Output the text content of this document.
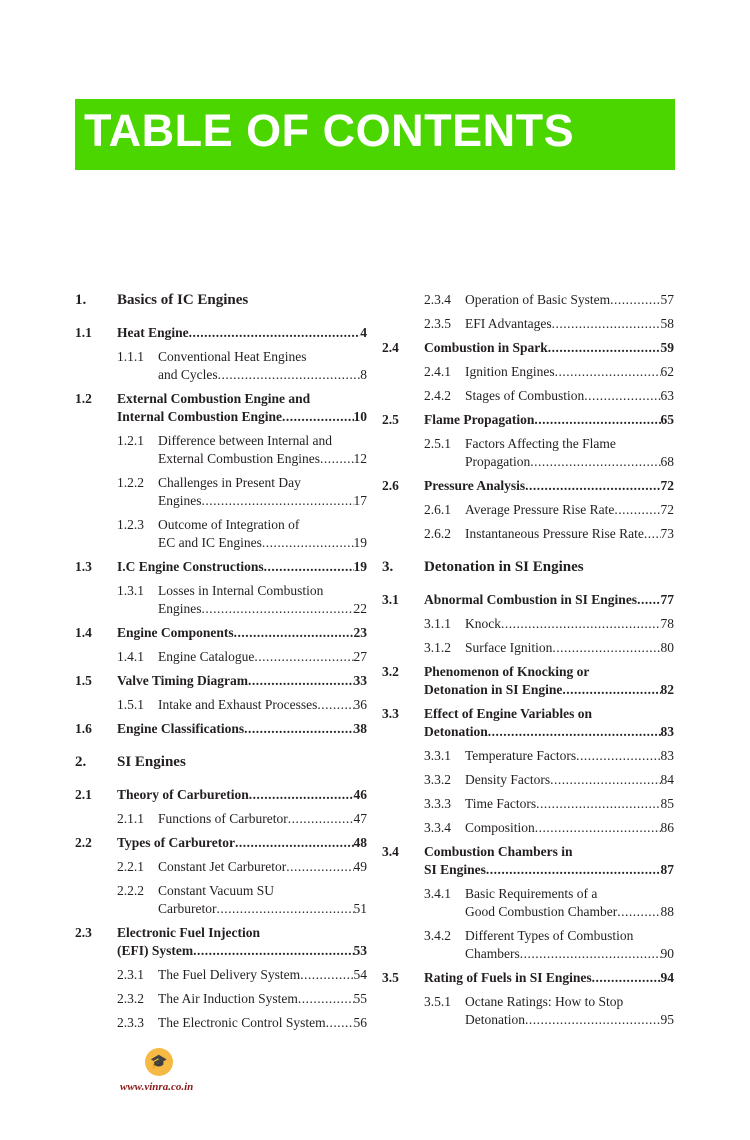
TABLE OF CONTENTS
1.	Basics of IC Engines
1.1	Heat Engine .....	4
1.1.1	Conventional Heat Engines
and Cycles .....	8
1.2	External Combustion Engine and
Internal Combustion Engine .....	10
1.2.1	Difference between Internal and
External Combustion Engines ..... 12
1.2.2	Challenges in Present Day
Engines .....	17
1.2.3	Outcome of Integration of
EC and IC Engines .....	19
1.3	I.C Engine Constructions .....	19
1.3.1	Losses in Internal Combustion
Engines .....	22
1.4	Engine Components .....	23
1.4.1	Engine Catalogue .....	27
1.5	Valve Timing Diagram .....	33
1.5.1	Intake and Exhaust Processes .....	36
1.6	Engine Classifications .....	38
2.	SI Engines
2.1	Theory of Carburetion .....	46
2.1.1	Functions of Carburetor .....	47
2.2	Types of Carburetor .....	48
2.2.1	Constant Jet Carburetor .....	49
2.2.2	Constant Vacuum SU
Carburetor .....	51
2.3	Electronic Fuel Injection
(EFI) System .....	53
2.3.1	The Fuel Delivery System .....	54
2.3.2	The Air Induction System .....	55
2.3.3	The Electronic Control System ..... 56
2.3.4	Operation of Basic System .....	57
2.3.5	EFI Advantages .....	58
2.4	Combustion in Spark .....	59
2.4.1	Ignition Engines .....	62
2.4.2	Stages of Combustion .....	63
2.5	Flame Propagation .....	65
2.5.1	Factors Affecting the Flame
Propagation .....	68
2.6	Pressure Analysis .....	72
2.6.1	Average Pressure Rise Rate .....	72
2.6.2	Instantaneous Pressure Rise Rate ..... 73
3.	Detonation in SI Engines
3.1	Abnormal Combustion in SI Engines ..... 77
3.1.1	Knock .....	78
3.1.2	Surface Ignition .....	80
3.2	Phenomenon of Knocking or
Detonation in SI Engine .....	82
3.3	Effect of Engine Variables on
Detonation .....	83
3.3.1	Temperature Factors .....	83
3.3.2	Density Factors .....	84
3.3.3	Time Factors .....	85
3.3.4	Composition .....	86
3.4	Combustion Chambers in
SI Engines .....	87
3.4.1	Basic Requirements of a
Good Combustion Chamber .....	88
3.4.2	Different Types of Combustion
Chambers .....	90
3.5	Rating of Fuels in SI Engines .....	94
3.5.1	Octane Ratings: How to Stop
Detonation .....	95
🎓
www.vinra.co.in
